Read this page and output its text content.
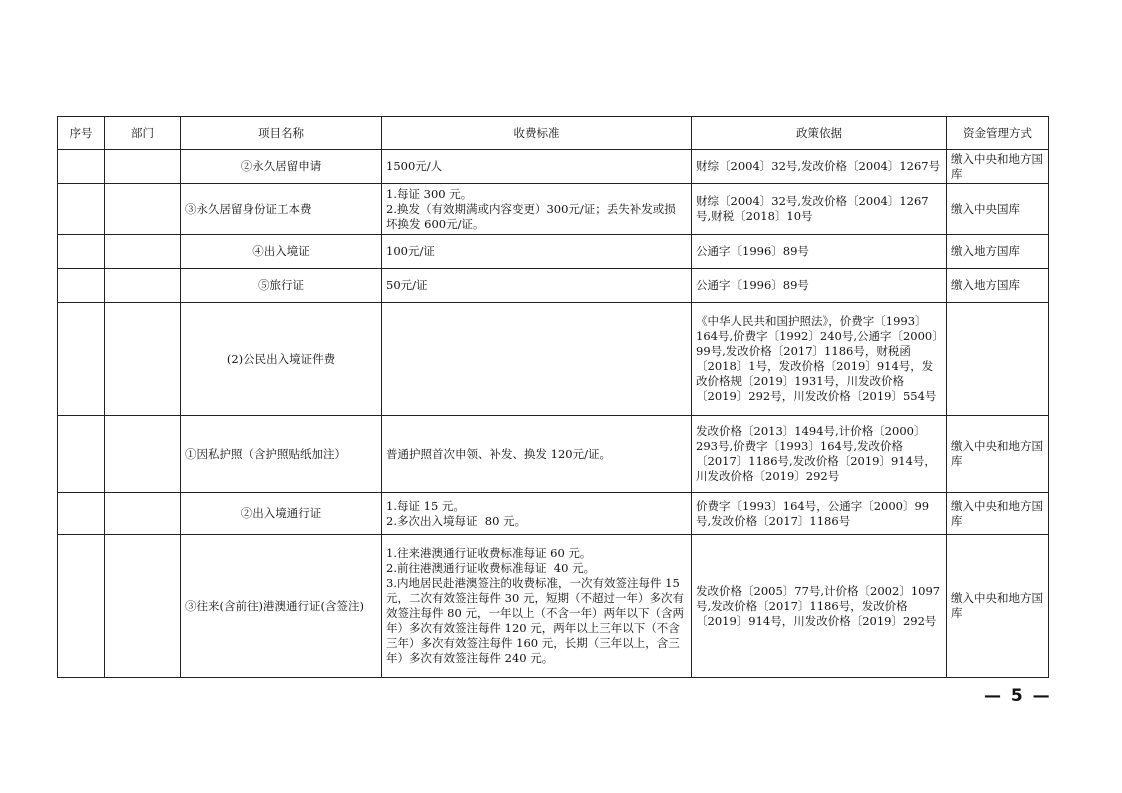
序号	部门	项目名称	收费标准	政策依据	资金管理方式
		②永久居留申请	1500元/人	财综〔2004〕32号,发改价格〔2004〕1267号	缴入中央和地方国库
		③永久居留身份证工本费	1.每证 300 元。
2.换发（有效期满或内容变更）300元/证；丢失补发或损坏换发 600元/证。	财综〔2004〕32号,发改价格〔2004〕1267号,财税〔2018〕10号	缴入中央国库
		④出入境证	100元/证	公通字〔1996〕89号	缴入地方国库
		⑤旅行证	50元/证	公通字〔1996〕89号	缴入地方国库
		(2)公民出入境证件费		《中华人民共和国护照法》，价费字〔1993〕164号,价费字〔1992〕240号,公通字〔2000〕99号,发改价格〔2017〕1186号，财税函〔2018〕1号，发改价格〔2019〕914号，发改价格规〔2019〕1931号，川发改价格〔2019〕292号，川发改价格〔2019〕554号	
		①因私护照（含护照贴纸加注）	普通护照首次申领、补发、换发 120元/证。	发改价格〔2013〕1494号,计价格〔2000〕293号,价费字〔1993〕164号,发改价格〔2017〕1186号,发改价格〔2019〕914号，川发改价格〔2019〕292号	缴入中央和地方国库
		②出入境通行证	1.每证 15 元。
2.多次出入境每证  80 元。	价费字〔1993〕164号，公通字〔2000〕99号,发改价格〔2017〕1186号	缴入中央和地方国库
		③往来(含前往)港澳通行证(含签注)	1.往来港澳通行证收费标准每证 60 元。
2.前往港澳通行证收费标准每证  40 元。
3.内地居民赴港澳签注的收费标准，一次有效签注每件 15 元，二次有效签注每件 30 元，短期（不超过一年）多次有效签注每件 80 元，一年以上（不含一年）两年以下（含两年）多次有效签注每件 120 元，两年以上三年以下（不含三年）多次有效签注每件 160 元，长期（三年以上，含三年）多次有效签注每件 240 元。	发改价格〔2005〕77号,计价格〔2002〕1097号,发改价格〔2017〕1186号，发改价格〔2019〕914号，川发改价格〔2019〕292号	缴入中央和地方国库
— 5 —
